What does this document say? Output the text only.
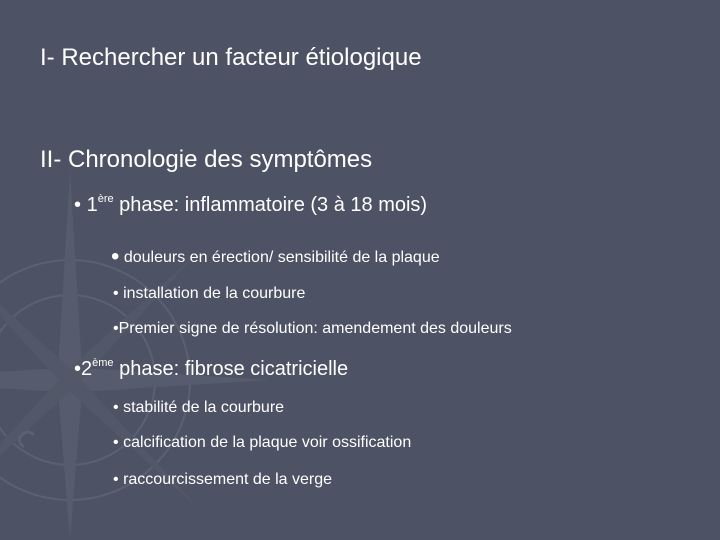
I- Rechercher un facteur étiologique
II- Chronologie des symptômes
• 1ère phase: inflammatoire (3 à 18 mois)
• douleurs en érection/ sensibilité de la plaque
• installation de la courbure
•Premier signe de résolution: amendement des douleurs
•2ème phase: fibrose cicatricielle
• stabilité de la courbure
• calcification de la plaque voir ossification
• raccourcissement de la verge
